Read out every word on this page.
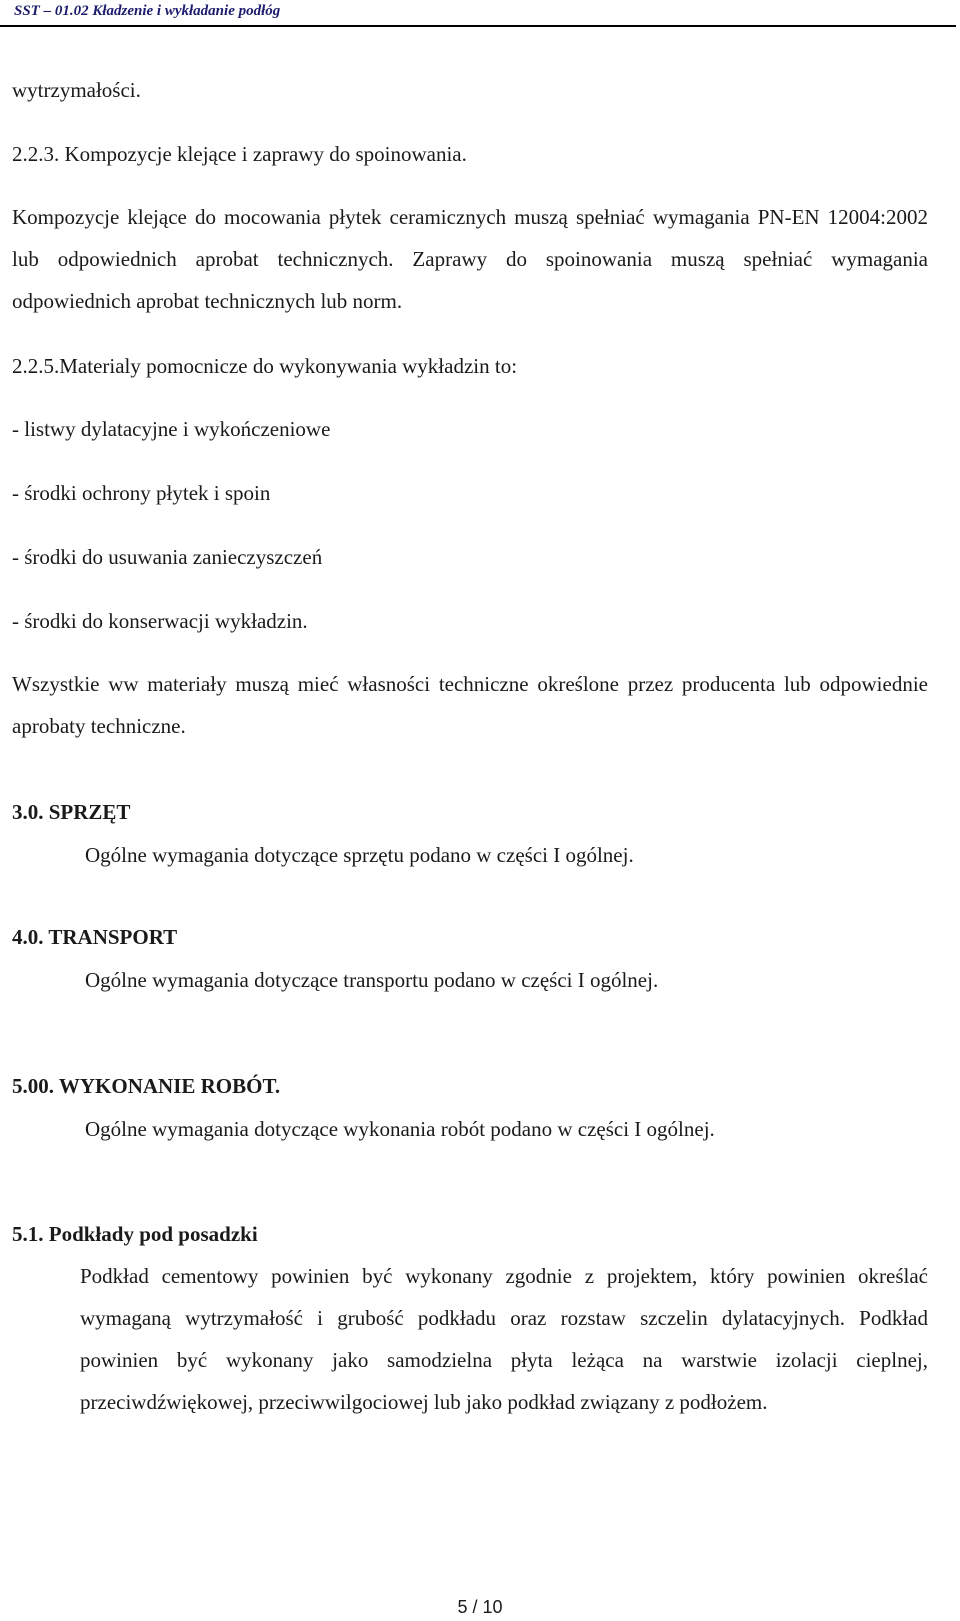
SST – 01.02 Kładzenie i wykładanie podłóg
wytrzymałości.
2.2.3. Kompozycje klejące i zaprawy do spoinowania.
Kompozycje klejące do mocowania płytek ceramicznych muszą spełniać wymagania PN-EN 12004:2002 lub odpowiednich aprobat technicznych. Zaprawy do spoinowania muszą spełniać wymagania odpowiednich aprobat technicznych lub norm.
2.2.5.Materialy pomocnicze do wykonywania wykładzin to:
- listwy dylatacyjne i wykończeniowe
- środki ochrony płytek i spoin
- środki do usuwania zanieczyszczeń
- środki do konserwacji wykładzin.
Wszystkie ww materiały muszą mieć własności techniczne określone przez producenta lub odpowiednie aprobaty techniczne.
3.0. SPRZĘT
Ogólne wymagania dotyczące sprzętu podano w części I ogólnej.
4.0. TRANSPORT
Ogólne wymagania dotyczące transportu podano w części I ogólnej.
5.00. WYKONANIE ROBÓT.
Ogólne wymagania dotyczące wykonania robót podano w części I ogólnej.
5.1. Podkłady pod posadzki
Podkład cementowy powinien być wykonany zgodnie z projektem, który powinien określać wymaganą wytrzymałość i grubość podkładu oraz rozstaw szczelin dylatacyjnych. Podkład powinien być wykonany jako samodzielna płyta leżąca na warstwie izolacji cieplnej, przeciwdźwiękowej, przeciwwilgociowej lub jako podkład związany z podłożem.
5 / 10
